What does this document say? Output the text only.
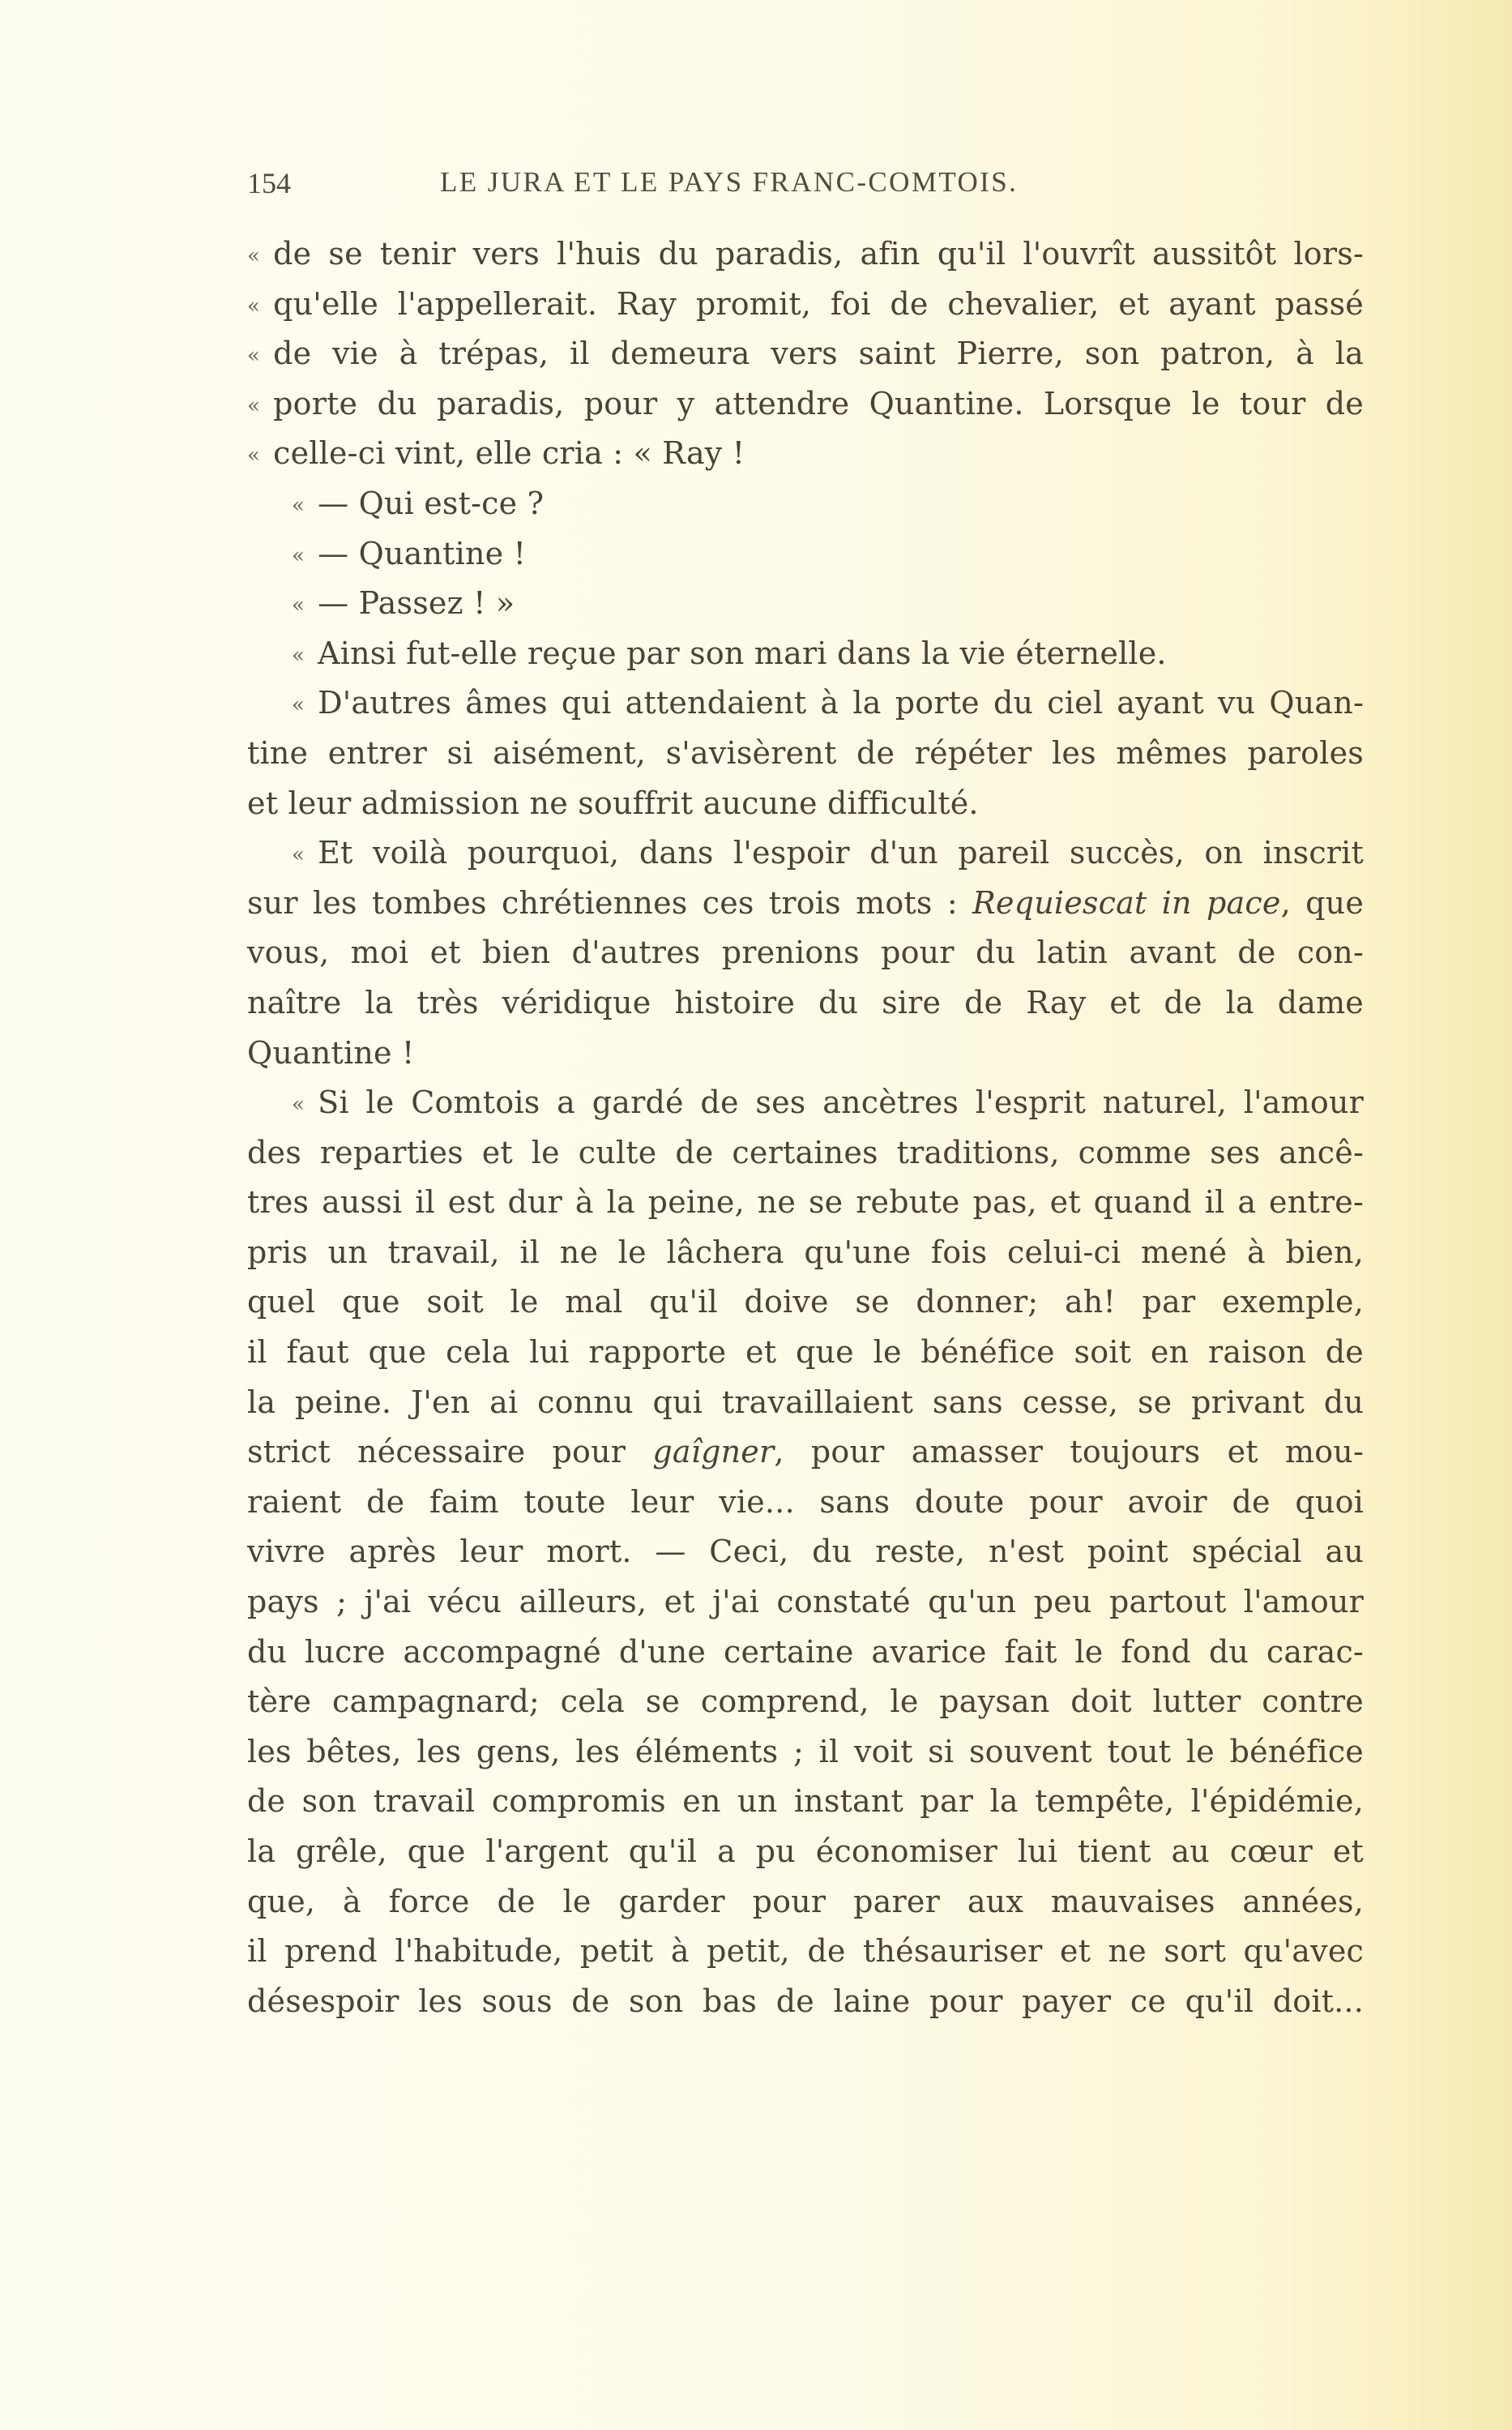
154	LE JURA ET LE PAYS FRANC-COMTOIS.
« de se tenir vers l'huis du paradis, afin qu'il l'ouvrît aussitôt lors-
« qu'elle l'appellerait. Ray promit, foi de chevalier, et ayant passé
« de vie à trépas, il demeura vers saint Pierre, son patron, à la
« porte du paradis, pour y attendre Quantine. Lorsque le tour de
« celle-ci vint, elle cria : « Ray !
« — Qui est-ce ?
« — Quantine !
« — Passez ! »
« Ainsi fut-elle reçue par son mari dans la vie éternelle.
« D'autres âmes qui attendaient à la porte du ciel ayant vu Quan-
tine entrer si aisément, s'avisèrent de répéter les mêmes paroles
et leur admission ne souffrit aucune difficulté.
« Et voilà pourquoi, dans l'espoir d'un pareil succès, on inscrit
sur les tombes chrétiennes ces trois mots : Requiescat in pace, que
vous, moi et bien d'autres prenions pour du latin avant de con-
naître la très véridique histoire du sire de Ray et de la dame
Quantine !
« Si le Comtois a gardé de ses ancètres l'esprit naturel, l'amour
des reparties et le culte de certaines traditions, comme ses ancê-
tres aussi il est dur à la peine, ne se rebute pas, et quand il a entre-
pris un travail, il ne le lâchera qu'une fois celui-ci mené à bien,
quel que soit le mal qu'il doive se donner; ah! par exemple,
il faut que cela lui rapporte et que le bénéfice soit en raison de
la peine. J'en ai connu qui travaillaient sans cesse, se privant du
strict nécessaire pour gaîgner, pour amasser toujours et mou-
raient de faim toute leur vie... sans doute pour avoir de quoi
vivre après leur mort. — Ceci, du reste, n'est point spécial au
pays ; j'ai vécu ailleurs, et j'ai constaté qu'un peu partout l'amour
du lucre accompagné d'une certaine avarice fait le fond du carac-
tère campagnard; cela se comprend, le paysan doit lutter contre
les bêtes, les gens, les éléments ; il voit si souvent tout le bénéfice
de son travail compromis en un instant par la tempête, l'épidémie,
la grêle, que l'argent qu'il a pu économiser lui tient au cœur et
que, à force de le garder pour parer aux mauvaises années,
il prend l'habitude, petit à petit, de thésauriser et ne sort qu'avec
désespoir les sous de son bas de laine pour payer ce qu'il doit...
